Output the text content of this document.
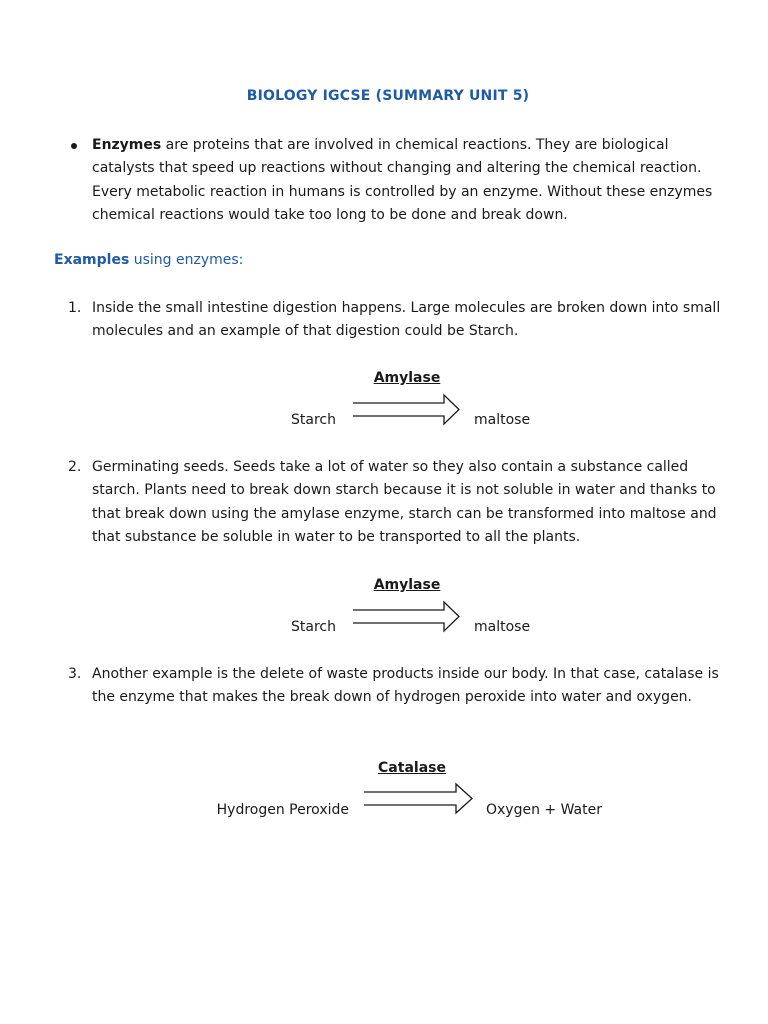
BIOLOGY IGCSE (SUMMARY UNIT 5)
Enzymes are proteins that are involved in chemical reactions. They are biological catalysts that speed up reactions without changing and altering the chemical reaction. Every metabolic reaction in humans is controlled by an enzyme. Without these enzymes chemical reactions would take too long to be done and break down.
Examples using enzymes:
1. Inside the small intestine digestion happens. Large molecules are broken down into small molecules and an example of that digestion could be Starch.
Amylase
Starch	maltose
2. Germinating seeds. Seeds take a lot of water so they also contain a substance called starch. Plants need to break down starch because it is not soluble in water and thanks to that break down using the amylase enzyme, starch can be transformed into maltose and that substance be soluble in water to be transported to all the plants.
Amylase
Starch	maltose
3. Another example is the delete of waste products inside our body. In that case, catalase is the enzyme that makes the break down of hydrogen peroxide into water and oxygen.
Catalase
Hydrogen Peroxide	Oxygen + Water
